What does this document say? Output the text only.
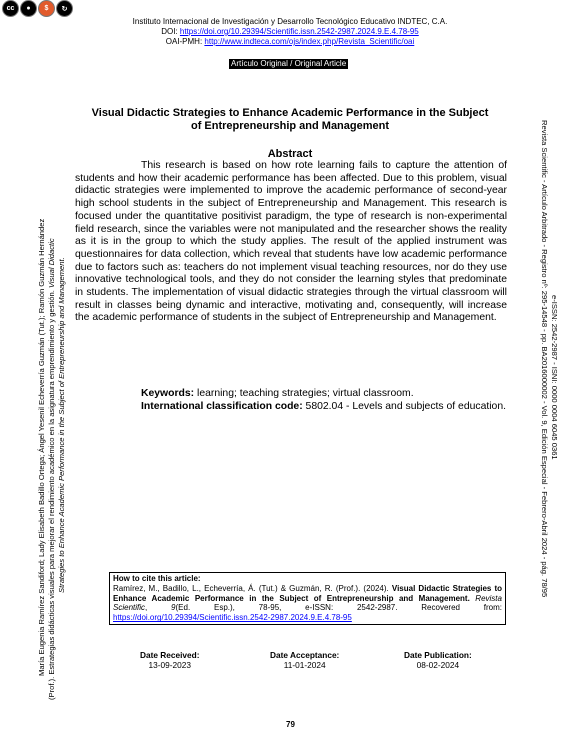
cc	●	$	↻
Instituto Internacional de Investigación y Desarrollo Tecnológico Educativo INDTEC, C.A.
DOI: https://doi.org/10.29394/Scientific.issn.2542-2987.2024.9.E.4.78-95
OAI-PMH: http://www.indteca.com/ojs/index.php/Revista_Scientific/oai
Artículo Original / Original Article
Visual Didactic Strategies to Enhance Academic Performance in the Subject of Entrepreneurship and Management
Abstract

This research is based on how rote learning fails to capture the attention of students and how their academic performance has been affected. Due to this problem, visual didactic strategies were implemented to improve the academic performance of second-year high school students in the subject of Entrepreneurship and Management. This research is focused under the quantitative positivist paradigm, the type of research is non-experimental field research, since the variables were not manipulated and the researcher shows the reality as it is in the group to which the study applies. The result of the applied instrument was questionnaires for data collection, which reveal that students have low academic performance due to factors such as: teachers do not implement visual teaching resources, nor do they use innovative technological tools, and they do not consider the learning styles that predominate in students. The implementation of visual didactic strategies through the virtual classroom will result in classes being dynamic and interactive, motivating and, consequently, will increase the academic performance of students in the subject of Entrepreneurship and Management.

Keywords: learning; teaching strategies; virtual classroom.

International classification code: 5802.04 - Levels and subjects of education.

How to cite this article:
Ramírez, M., Badillo, L., Echeverría, Á. (Tut.) & Guzmán, R. (Prof.). (2024). Visual Didactic Strategies to Enhance Academic Performance in the Subject of Entrepreneurship and Management. Revista Scientific, 9(Ed. Esp.), 78-95, e-ISSN: 2542-2987. Recovered from: https://doi.org/10.29394/Scientific.issn.2542-2987.2024.9.E.4.78-95
Date Received:
13-09-2023
Date Acceptance:
11-01-2024
Date Publication:
08-02-2024
79
María Eugenia Ramírez Sandiford; Lady Elisabeth Badillo Ortega; Ángel Yesenil Echeverría Guzmán (Tut.); Ramón Guzmán Hernández (Prof.). Estrategias didácticas visuales para mejorar el rendimiento académico en la asignatura emprendimiento y gestión. Visual Didactic Strategies to Enhance Academic Performance in the Subject of Entrepreneurship and Management.	Revista Scientific - Artículo Arbitrado - Registro nº: 295-14548 - pp. BA2016000002 - Vol. 9, Edición Especial - Febrero-Abril 2024 - pág. 78/95 e-ISSN: 2542-2987 - ISNI: 0000 0004 6045 0361
